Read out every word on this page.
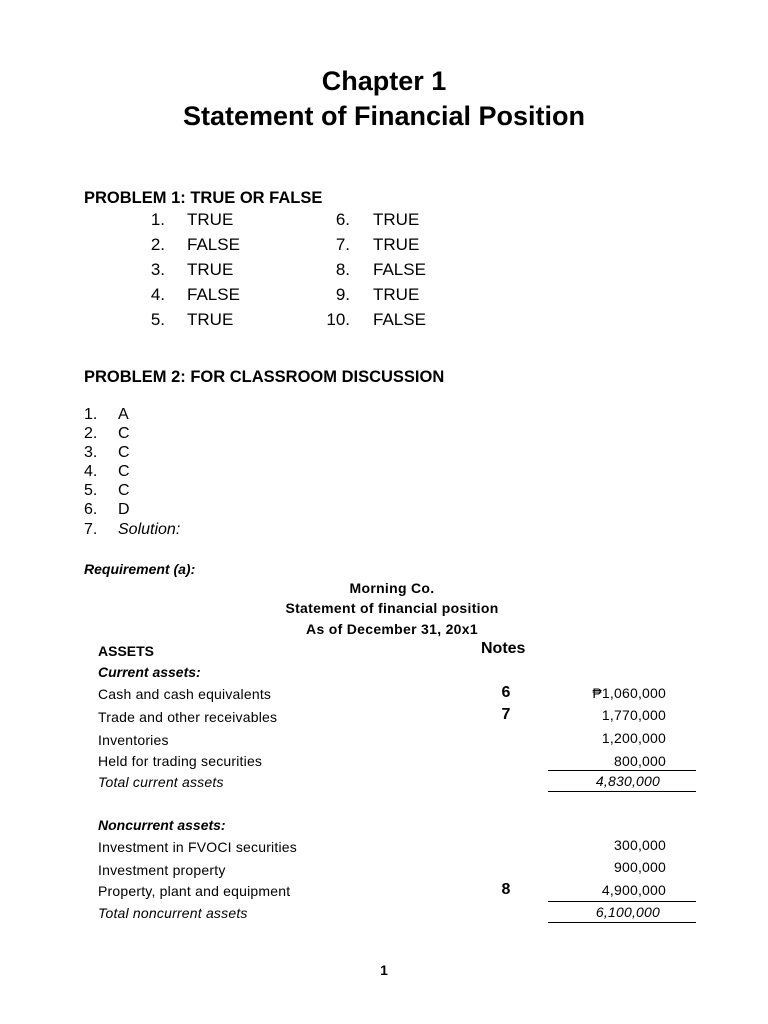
Chapter 1
Statement of Financial Position
PROBLEM 1: TRUE OR FALSE
1. TRUE
2. FALSE
3. TRUE
4. FALSE
5. TRUE
6. TRUE
7. TRUE
8. FALSE
9. TRUE
10. FALSE
PROBLEM 2: FOR CLASSROOM DISCUSSION
1. A
2. C
3. C
4. C
5. C
6. D
7. Solution:
Requirement (a):
Morning Co.
Statement of financial position
As of December 31, 20x1
ASSETS	Notes
Current assets:
Cash and cash equivalents	6	₱1,060,000
Trade and other receivables	7	1,770,000
Inventories	1,200,000
Held for trading securities	800,000
Total current assets	4,830,000
Noncurrent assets:
Investment in FVOCI securities	300,000
Investment property	900,000
Property, plant and equipment	8	4,900,000
Total noncurrent assets	6,100,000
1
